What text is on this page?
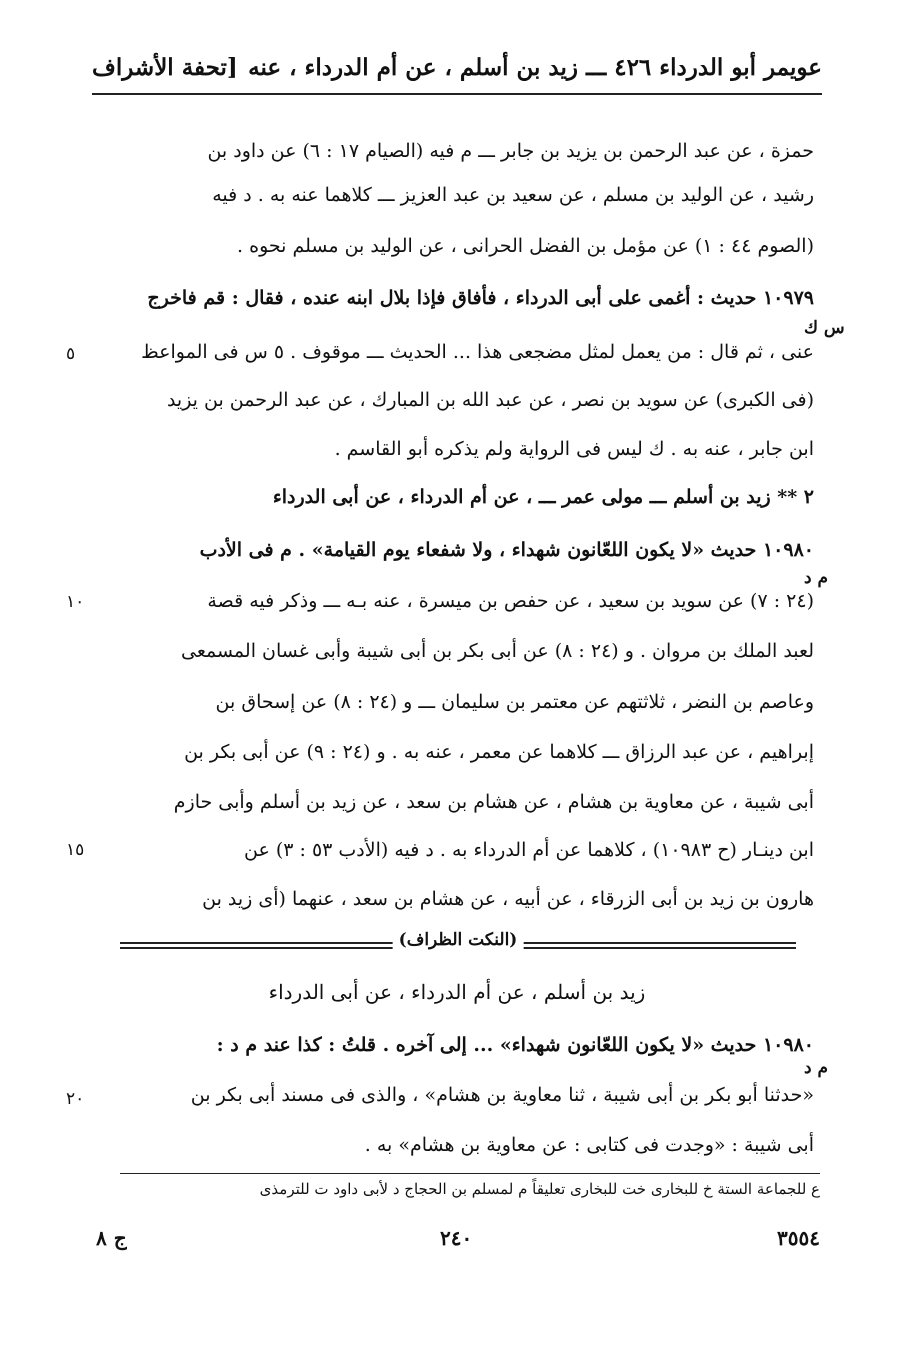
عويمر أبو الدرداء ٤٢٦ ـــ زيد بن أسلم ، عن أم الدرداء ، عنه
[تحفة الأشراف
حمزة ، عن عبد الرحمن بن يزيد بن جابر ـــ م فيه (الصيام ١٧ : ٦) عن داود بن
رشيد ، عن الوليد بن مسلم ، عن سعيد بن عبد العزيز ـــ كلاهما عنه به . د فيه
(الصوم ٤٤ : ١) عن مؤمل بن الفضل الحرانى ، عن الوليد بن مسلم نحوه .
١٠٩٧٩ حديث : أغمى على أبى الدرداء ، فأفاق فإذا بلال ابنه عنده ، فقال : قم فاخرج
عنى ، ثم قال : من يعمل لمثل مضجعى هذا ... الحديث ـــ موقوف . ٥ س فى المواعظ
(فى الكبرى) عن سويد بن نصر ، عن عبد الله بن المبارك ، عن عبد الرحمن بن يزيد
ابن جابر ، عنه به . ك ليس فى الرواية ولم يذكره أبو القاسم .
٢ ** زيد بن أسلم ـــ مولى عمر ـــ ، عن أم الدرداء ، عن أبى الدرداء
١٠٩٨٠ حديث «لا يكون اللعّانون شهداء ، ولا شفعاء يوم القيامة» . م فى الأدب
(٢٤ : ٧) عن سويد بن سعيد ، عن حفص بن ميسرة ، عنه بـه ـــ وذكر فيه قصة
لعبد الملك بن مروان . و (٢٤ : ٨) عن أبى بكر بن أبى شيبة وأبى غسان المسمعى
وعاصم بن النضر ، ثلاثتهم عن معتمر بن سليمان ـــ و (٢٤ : ٨) عن إسحاق بن
إبراهيم ، عن عبد الرزاق ـــ كلاهما عن معمر ، عنه به . و (٢٤ : ٩) عن أبى بكر بن
أبى شيبة ، عن معاوية بن هشام ، عن هشام بن سعد ، عن زيد بن أسلم وأبى حازم
ابن دينـار (ح ١٠٩٨٣) ، كلاهما عن أم الدرداء به . د فيه (الأدب ٥٣ : ٣) عن
هارون بن زيد بن أبى الزرقاء ، عن أبيه ، عن هشام بن سعد ، عنهما (أى زيد بن
٥
١٠
١٥
٢٠
س ك
م د
م د
(النكت الظراف)
زيد بن أسلم ، عن أم الدرداء ، عن أبى الدرداء
١٠٩٨٠ حديث «لا يكون اللعّانون شهداء» ... إلى آخره . قلتُ : كذا عند م د :
«حدثنا أبو بكر بن أبى شيبة ، ثنا معاوية بن هشام» ، والذى فى مسند أبى بكر بن
أبى شيبة : «وجدت فى كتابى : عن معاوية بن هشام» به .
ع للجماعة الستة خ للبخارى خت للبخارى تعليقاً م لمسلم بن الحجاج د لأبى داود ت للترمذى
٣٥٥٤
٢٤٠
ج ٨
